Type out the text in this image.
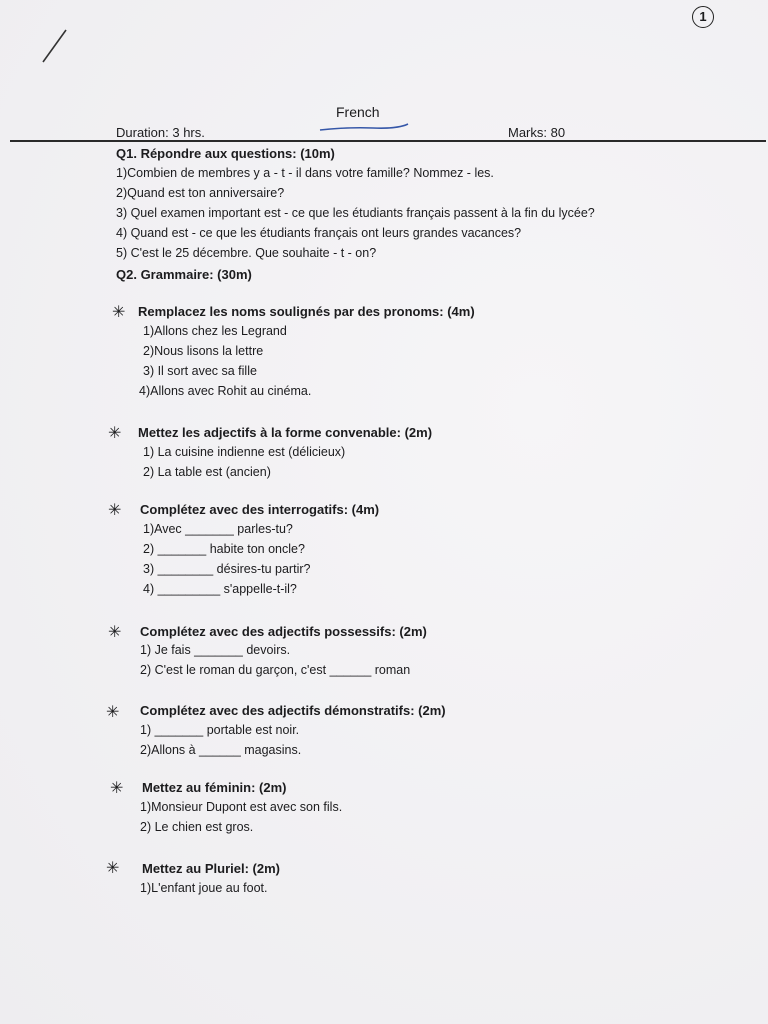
1
French
Duration: 3 hrs.	Marks: 80
Q1. Répondre aux questions: (10m)
1)Combien de membres y a - t - il dans votre famille? Nommez - les.
2)Quand est ton anniversaire?
3) Quel examen important est - ce que les étudiants français passent à la fin du lycée?
4) Quand est - ce que les étudiants français ont leurs grandes vacances?
5) C'est le 25 décembre. Que souhaite - t - on?
Q2. Grammaire: (30m)
✳ Remplacez les noms soulignés par des pronoms: (4m)
1)Allons chez les Legrand
2)Nous lisons la lettre
3) Il sort avec sa fille
4)Allons avec Rohit au cinéma.
✳ Mettez les adjectifs à la forme convenable: (2m)
1) La cuisine indienne est (délicieux)
2) La table est (ancien)
✳ Complétez avec des interrogatifs: (4m)
1)Avec _______ parles-tu?
2) _______ habite ton oncle?
3) ________ désires-tu partir?
4) _________ s'appelle-t-il?
✳ Complétez avec des adjectifs possessifs: (2m)
1) Je fais _______ devoirs.
2) C'est le roman du garçon, c'est ______ roman
✳ Complétez avec des adjectifs démonstratifs: (2m)
1) _______ portable est noir.
2)Allons à ______ magasins.
✳ Mettez au féminin: (2m)
1)Monsieur Dupont est avec son fils.
2) Le chien est gros.
✳ Mettez au Pluriel: (2m)
1)L'enfant joue au foot.
